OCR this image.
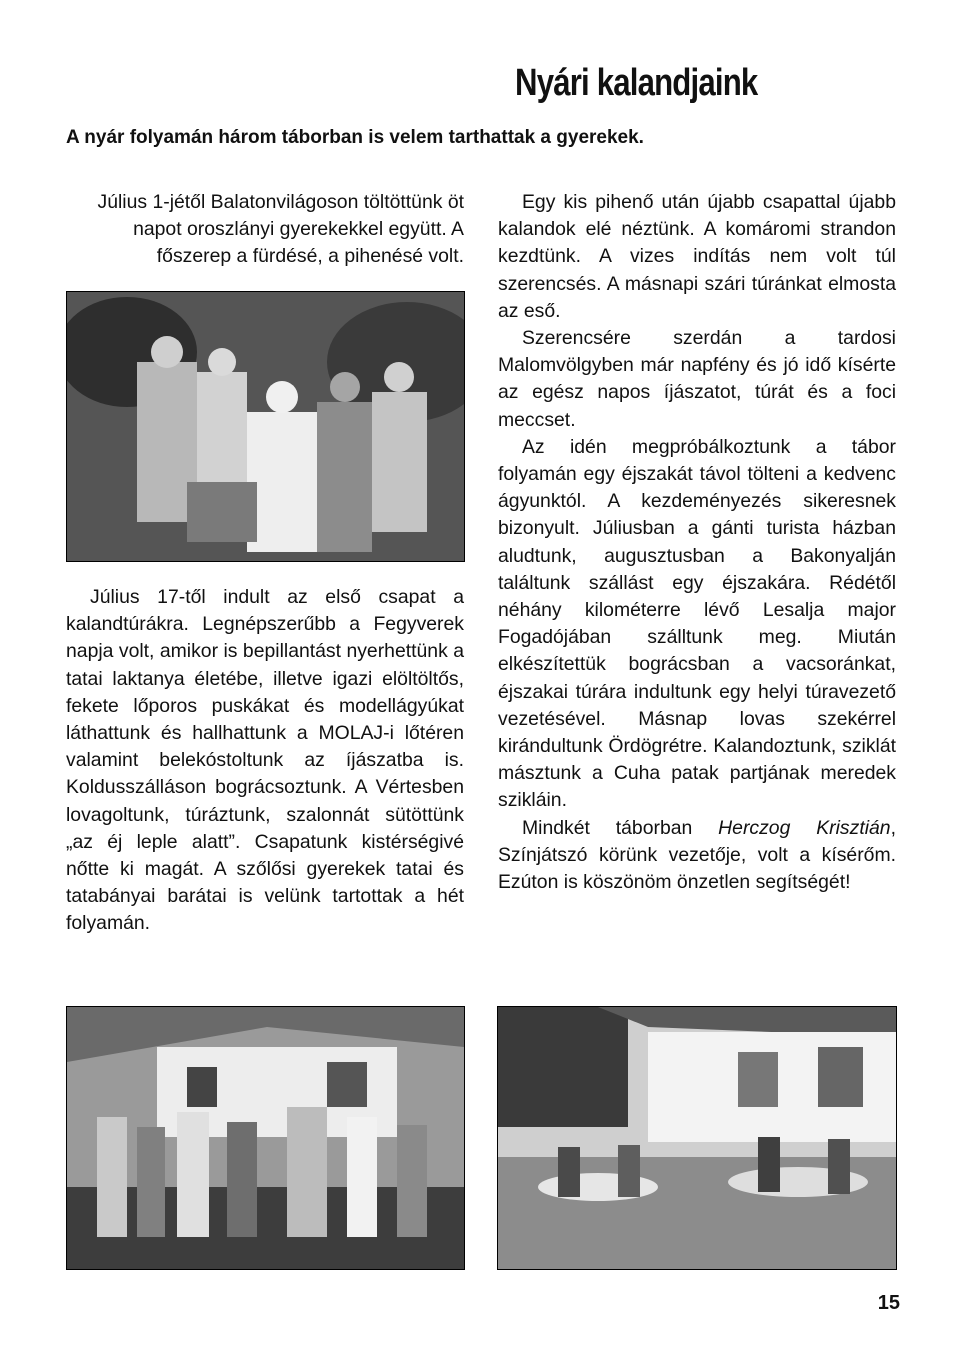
Nyári kalandjaink

A nyár folyamán három táborban is velem tarthattak a gyerekek.

Július 1-jétől Balatonvilágoson töltöttünk öt napot oroszlányi gyerekekkel együtt. A főszerep a fürdésé, a pihenésé volt.

Július 17-től indult az első csapat a kalandtúrákra. Legnépszerűbb a Fegyverek napja volt, amikor is bepillantást nyerhettünk a tatai laktanya életébe, illetve igazi elöltöltős, fekete lőporos puskákat és modellágyúkat láthattunk és hallhattunk a MOLAJ-i lőtéren valamint belekóstoltunk az íjászatba is. Koldusszálláson bográcsoztunk. A Vértesben lovagoltunk, túráztunk, szalonnát sütöttünk „az éj leple alatt”. Csapatunk kistérségivé nőtte ki magát. A szőlősi gyerekek tatai és tatabányai barátai is velünk tartottak a hét folyamán.

Egy kis pihenő után újabb csapattal újabb kalandok elé néztünk. A komáromi strandon kezdtünk. A vizes indítás nem volt túl szerencsés. A másnapi szári túránkat elmosta az eső.

Szerencsére szerdán a tardosi Malomvölgyben már napfény és jó idő kísérte az egész napos íjászatot, túrát és a foci meccset.

Az idén megpróbálkoztunk a tábor folyamán egy éjszakát távol tölteni a kedvenc ágyunktól. A kezdeményezés sikeresnek bizonyult. Júliusban a gánti turista házban aludtunk, augusztusban a Bakonyalján találtunk szállást egy éjszakára. Rédétől néhány kilométerre lévő Lesalja major Fogadójában szálltunk meg. Miután elkészítettük bográcsban a vacsoránkat, éjszakai túrára indultunk egy helyi túravezető vezetésével. Másnap lovas szekérrel kirándultunk Ördögrétre. Kalandoztunk, sziklát másztunk a Cuha patak partjának meredek szikláin.

Mindkét táborban Herczog Krisztián, Színjátszó körünk vezetője, volt a kísérőm. Ezúton is köszönöm önzetlen segítségét!

15
